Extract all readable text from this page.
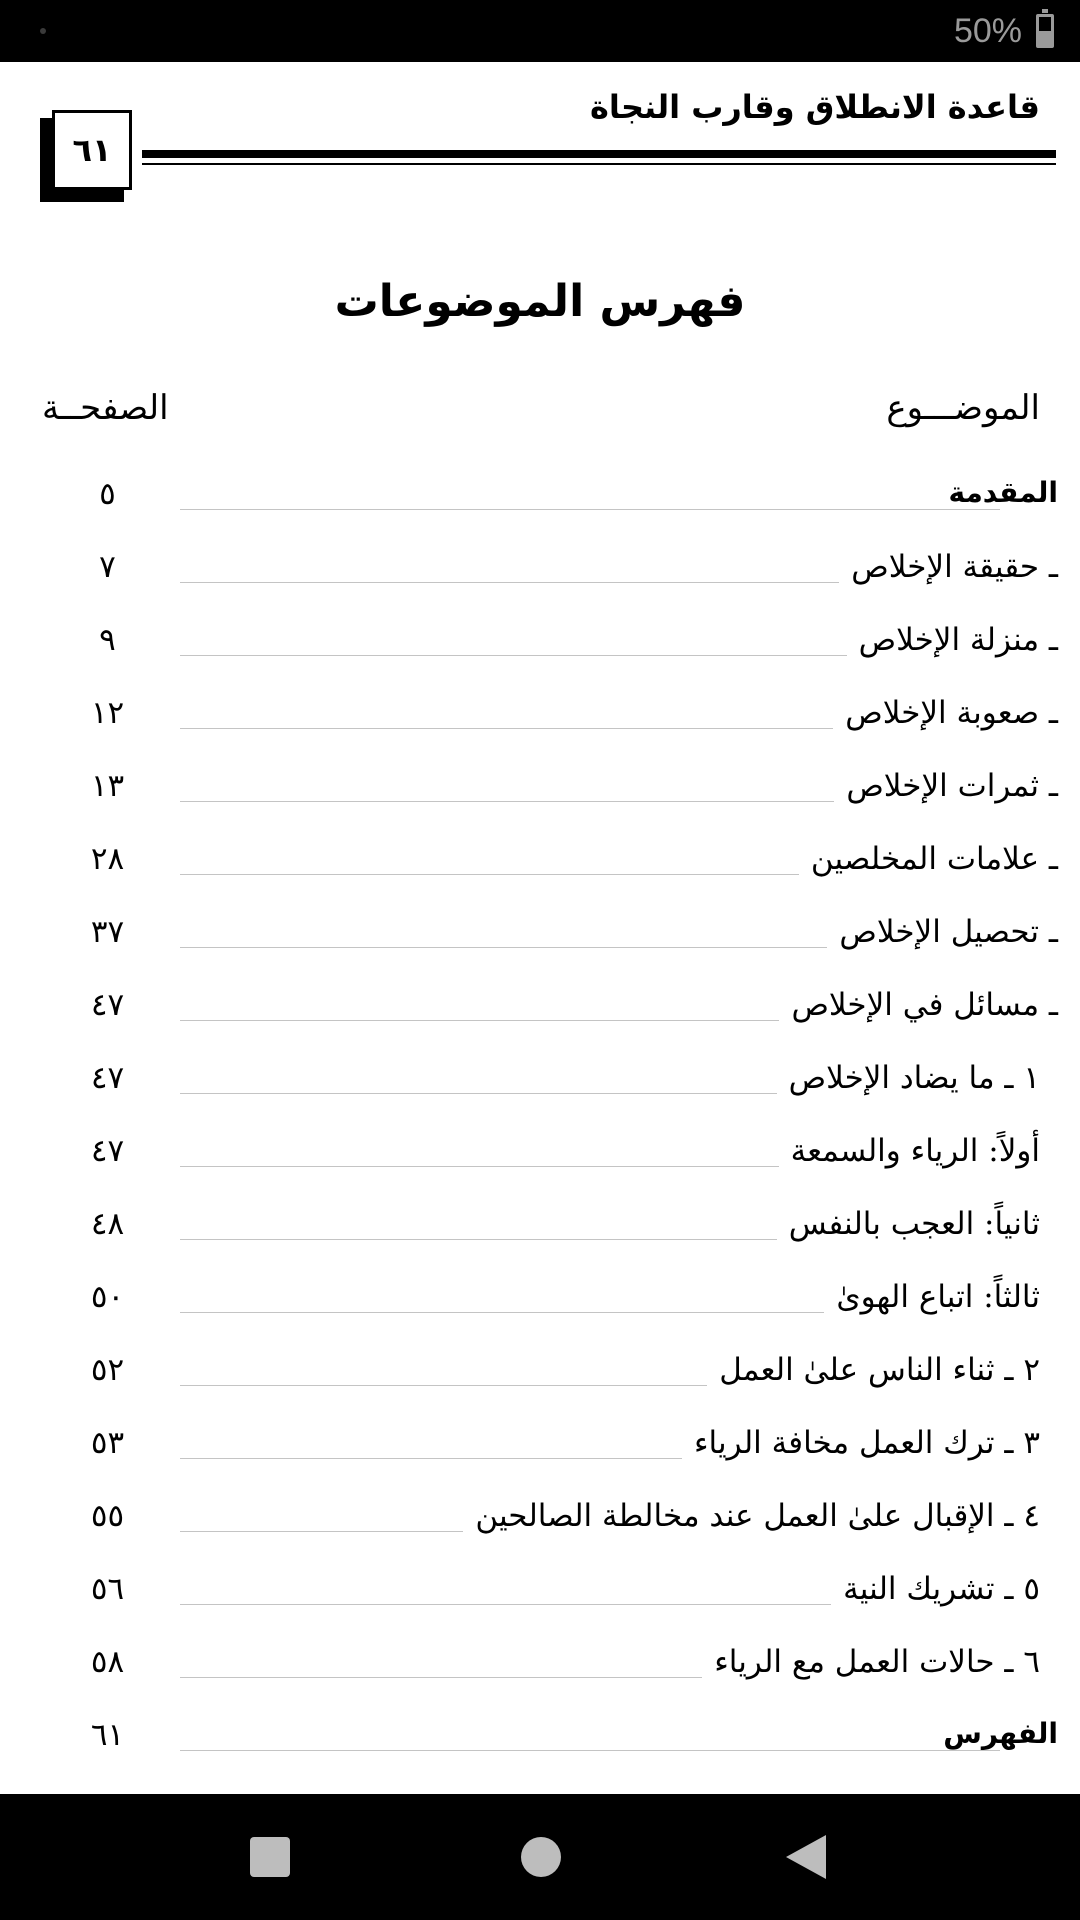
50%
قاعدة الانطلاق وقارب النجاة
٦١
فهرس الموضوعات
الموضـــوع
الصفحــة
المقدمة
٥
ـ حقيقة الإخلاص
٧
ـ منزلة الإخلاص
٩
ـ صعوبة الإخلاص
١٢
ـ ثمرات الإخلاص
١٣
ـ علامات المخلصين
٢٨
ـ تحصيل الإخلاص
٣٧
ـ مسائل في الإخلاص
٤٧
١ ـ ما يضاد الإخلاص
٤٧
أولاً: الرياء والسمعة
٤٧
ثانياً: العجب بالنفس
٤٨
ثالثاً: اتباع الهوىٰ
٥٠
٢ ـ ثناء الناس علىٰ العمل
٥٢
٣ ـ ترك العمل مخافة الرياء
٥٣
٤ ـ الإقبال علىٰ العمل عند مخالطة الصالحين
٥٥
٥ ـ تشريك النية
٥٦
٦ ـ حالات العمل مع الرياء
٥٨
الفهرس
٦١
